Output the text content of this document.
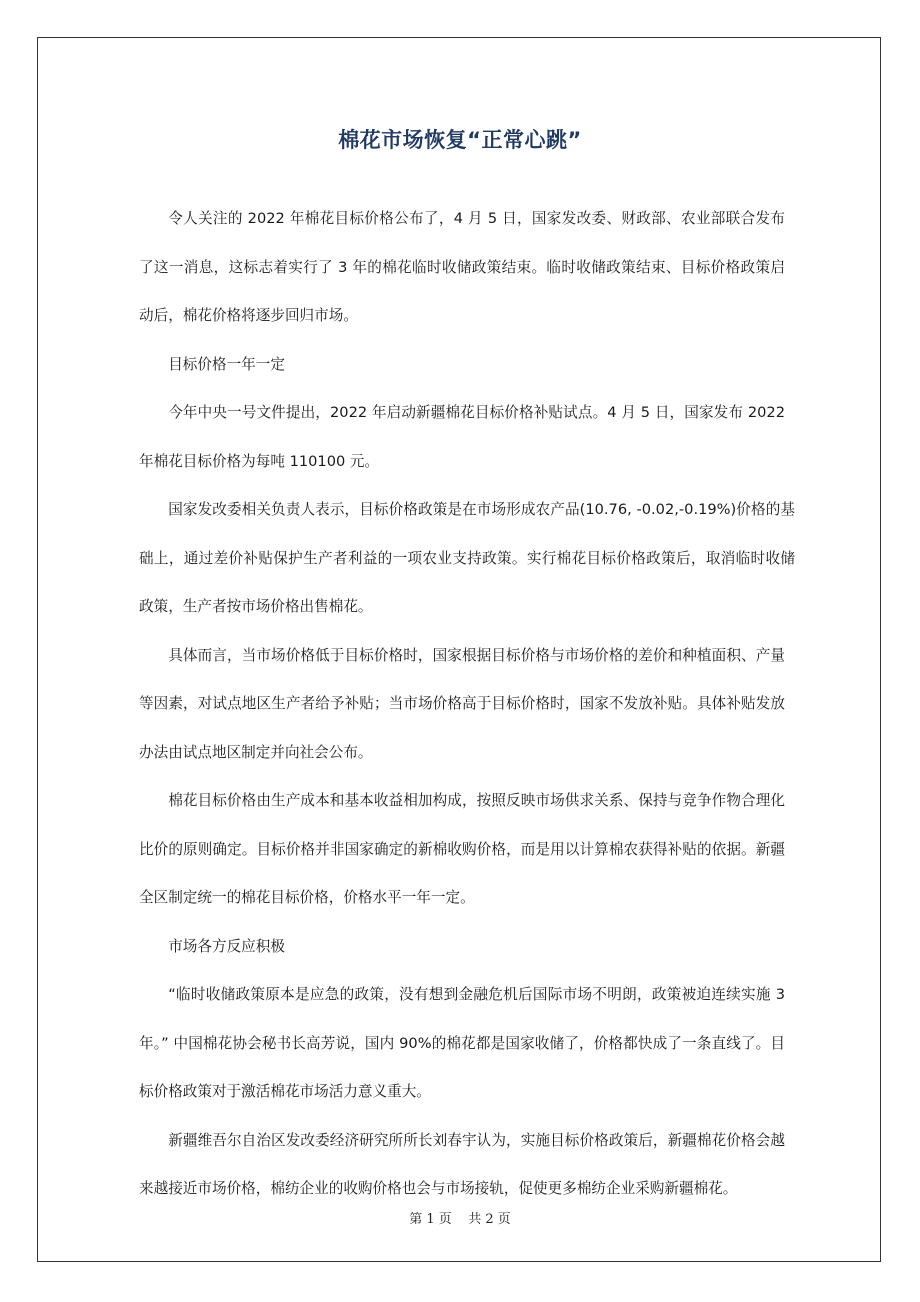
棉花市场恢复“正常心跳”

令人关注的 2022 年棉花目标价格公布了，4 月 5 日，国家发改委、财政部、农业部联合发布了这一消息，这标志着实行了 3 年的棉花临时收储政策结束。临时收储政策结束、目标价格政策启动后，棉花价格将逐步回归市场。

目标价格一年一定

今年中央一号文件提出，2022 年启动新疆棉花目标价格补贴试点。4 月 5 日，国家发布 2022 年棉花目标价格为每吨 110100 元。

国家发改委相关负责人表示，目标价格政策是在市场形成农产品(10.76, -0.02,-0.19%)价格的基础上，通过差价补贴保护生产者利益的一项农业支持政策。实行棉花目标价格政策后，取消临时收储政策，生产者按市场价格出售棉花。

具体而言，当市场价格低于目标价格时，国家根据目标价格与市场价格的差价和种植面积、产量等因素，对试点地区生产者给予补贴；当市场价格高于目标价格时，国家不发放补贴。具体补贴发放办法由试点地区制定并向社会公布。

棉花目标价格由生产成本和基本收益相加构成，按照反映市场供求关系、保持与竞争作物合理化比价的原则确定。目标价格并非国家确定的新棉收购价格，而是用以计算棉农获得补贴的依据。新疆全区制定统一的棉花目标价格，价格水平一年一定。

市场各方反应积极

“临时收储政策原本是应急的政策，没有想到金融危机后国际市场不明朗，政策被迫连续实施 3 年。” 中国棉花协会秘书长高芳说，国内 90%的棉花都是国家收储了，价格都快成了一条直线了。目标价格政策对于激活棉花市场活力意义重大。

新疆维吾尔自治区发改委经济研究所所长刘春宇认为，实施目标价格政策后，新疆棉花价格会越来越接近市场价格，棉纺企业的收购价格也会与市场接轨，促使更多棉纺企业采购新疆棉花。

第 1 页    共 2 页
